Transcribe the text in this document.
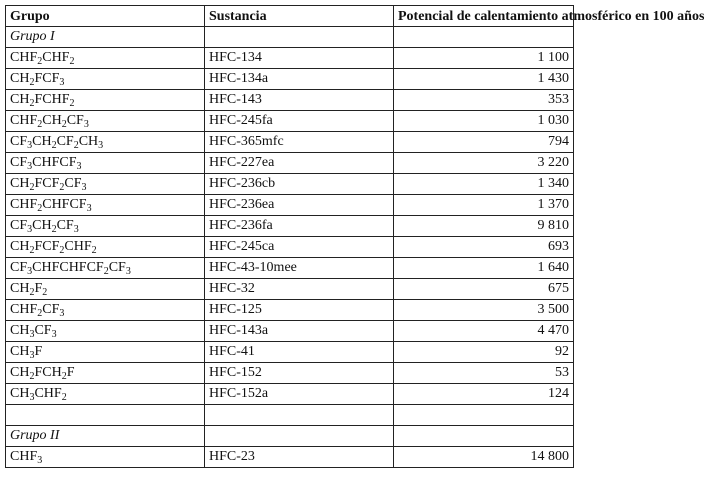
Grupo	Sustancia	Potencial de calentamiento atmosférico en 100 años
Grupo I		
$CHF_2CHF_2$	HFC-134	1 100
$CH_2FCF_3$	HFC-134a	1 430
$CH_2FCHF_2$	HFC-143	353
$CHF_2CH_2CF_3$	HFC-245fa	1 030
$CF_3CH_2CF_2CH_3$	HFC-365mfc	794
$CF_3CHFCF_3$	HFC-227ea	3 220
$CH_2FCF_2CF_3$	HFC-236cb	1 340
$CHF_2CHFCF_3$	HFC-236ea	1 370
$CF_3CH_2CF_3$	HFC-236fa	9 810
$CH_2FCF_2CHF_2$	HFC-245ca	693
$CF_3CHFCHFCF_2CF_3$	HFC-43-10mee	1 640
$CH_2F_2$	HFC-32	675
$CHF_2CF_3$	HFC-125	3 500
$CH_3CF_3$	HFC-143a	4 470
$CH_3F$	HFC-41	92
$CH_2FCH_2F$	HFC-152	53
$CH_3CHF_2$	HFC-152a	124

Grupo II		
$CHF_3$	HFC-23	14 800
